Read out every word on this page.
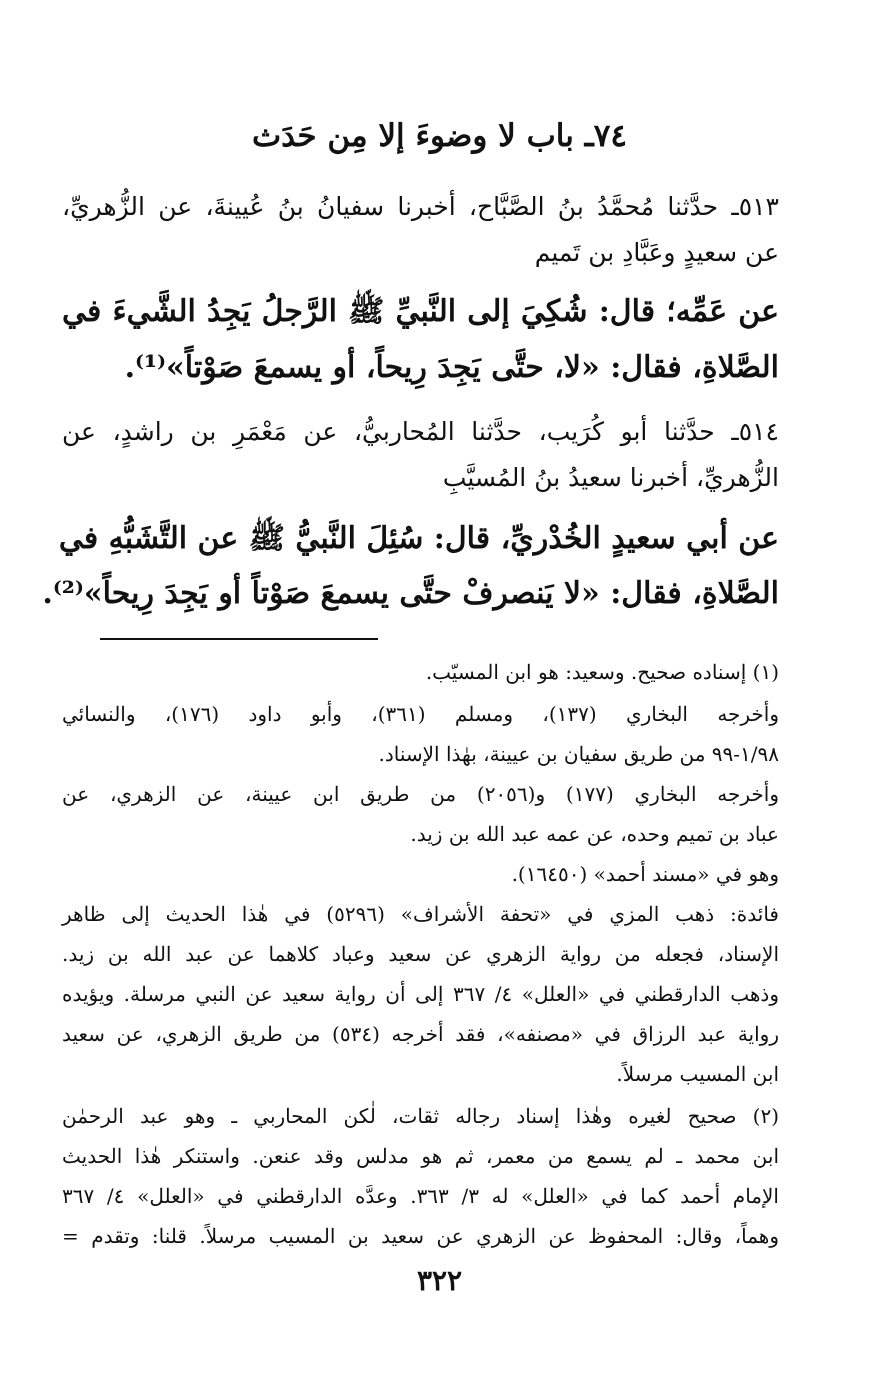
٧٤ـ باب لا وضوءَ إلا مِن حَدَث
٥١٣ـ حدَّثنا مُحمَّدُ بنُ الصَّبَّاح، أخبرنا سفيانُ بنُ عُيينةَ، عن الزُّهريِّ،
عن سعيدٍ وعَبَّادِ بن تَميم
عن عَمِّه؛ قال: شُكِيَ إلى النَّبيِّ ﷺ الرَّجلُ يَجِدُ الشَّيءَ في
الصَّلاةِ، فقال: «لا، حتَّى يَجِدَ رِيحاً، أو يسمعَ صَوْتاً»⁽¹⁾.
٥١٤ـ حدَّثنا أبو كُرَيب، حدَّثنا المُحاربيُّ، عن مَعْمَرِ بن راشدٍ، عن
الزُّهريِّ، أخبرنا سعيدُ بنُ المُسيَّبِ
عن أبي سعيدٍ الخُدْريِّ، قال: سُئِلَ النَّبيُّ ﷺ عن التَّشَبُّهِ في
الصَّلاةِ، فقال: «لا يَنصرفْ حتَّى يسمعَ صَوْتاً أو يَجِدَ رِيحاً»⁽²⁾.
(١) إسناده صحيح. وسعيد: هو ابن المسيّب.
وأخرجه البخاري (١٣٧)، ومسلم (٣٦١)، وأبو داود (١٧٦)، والنسائي
١/٩٨-٩٩ من طريق سفيان بن عيينة، بهٰذا الإسناد.
وأخرجه البخاري (١٧٧) و(٢٠٥٦) من طريق ابن عيينة، عن الزهري، عن
عباد بن تميم وحده، عن عمه عبد الله بن زيد.
وهو في «مسند أحمد» (١٦٤٥٠).
فائدة: ذهب المزي في «تحفة الأشراف» (٥٢٩٦) في هٰذا الحديث إلى ظاهر
الإسناد، فجعله من رواية الزهري عن سعيد وعباد كلاهما عن عبد الله بن زيد.
وذهب الدارقطني في «العلل» ٤/ ٣٦٧ إلى أن رواية سعيد عن النبي مرسلة. ويؤيده
رواية عبد الرزاق في «مصنفه»، فقد أخرجه (٥٣٤) من طريق الزهري، عن سعيد
ابن المسيب مرسلاً.
(٢) صحيح لغيره وهٰذا إسناد رجاله ثقات، لٰكن المحاربي ـ وهو عبد الرحمٰن
ابن محمد ـ لم يسمع من معمر، ثم هو مدلس وقد عنعن. واستنكر هٰذا الحديث
الإمام أحمد كما في «العلل» له ٣/ ٣٦٣. وعدَّه الدارقطني في «العلل» ٤/ ٣٦٧
وهماً، وقال: المحفوظ عن الزهري عن سعيد بن المسيب مرسلاً. قلنا: وتقدم =
٣٢٢
